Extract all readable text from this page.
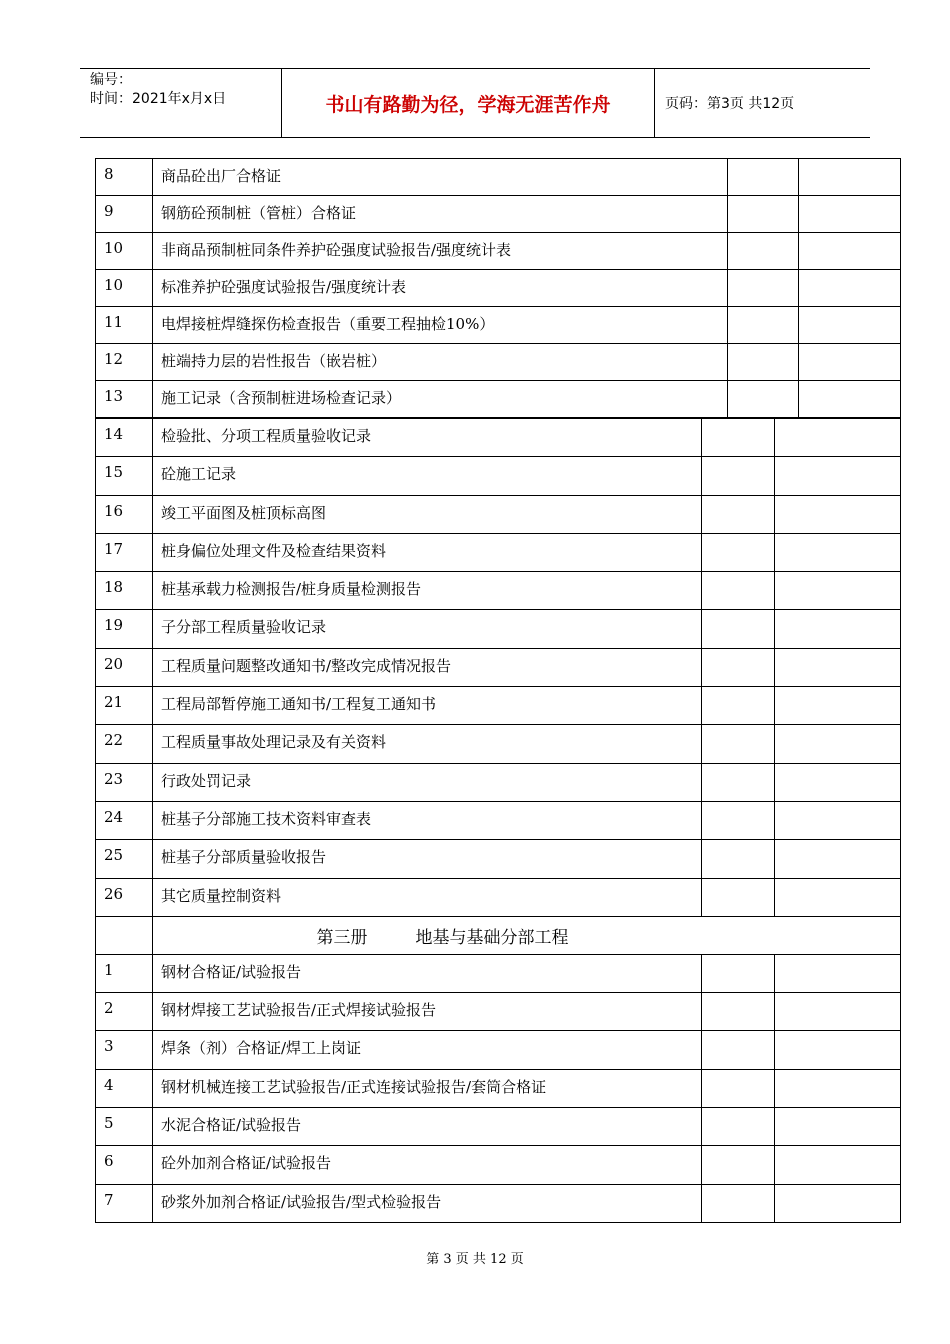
编号：
时间：2021年x月x日	书山有路勤为径，学海无涯苦作舟	页码：第3页 共12页
8	商品砼出厂合格证		
9	钢筋砼预制桩（管桩）合格证		
10	非商品预制桩同条件养护砼强度试验报告/强度统计表		
10	标准养护砼强度试验报告/强度统计表		
11	电焊接桩焊缝探伤检查报告（重要工程抽检10%）		
12	桩端持力层的岩性报告（嵌岩桩）		
13	施工记录（含预制桩进场检查记录）		
14	检验批、分项工程质量验收记录		
15	砼施工记录		
16	竣工平面图及桩顶标高图		
17	桩身偏位处理文件及检查结果资料		
18	桩基承载力检测报告/桩身质量检测报告		
19	子分部工程质量验收记录		
20	工程质量问题整改通知书/整改完成情况报告		
21	工程局部暂停施工通知书/工程复工通知书		
22	工程质量事故处理记录及有关资料		
23	行政处罚记录		
24	桩基子分部施工技术资料审查表		
25	桩基子分部质量验收报告		
26	其它质量控制资料		

	第三册 地基与基础分部工程		

1	钢材合格证/试验报告		
2	钢材焊接工艺试验报告/正式焊接试验报告		
3	焊条（剂）合格证/焊工上岗证		
4	钢材机械连接工艺试验报告/正式连接试验报告/套筒合格证		
5	水泥合格证/试验报告		
6	砼外加剂合格证/试验报告		
7	砂浆外加剂合格证/试验报告/型式检验报告		
第 3 页 共 12 页
